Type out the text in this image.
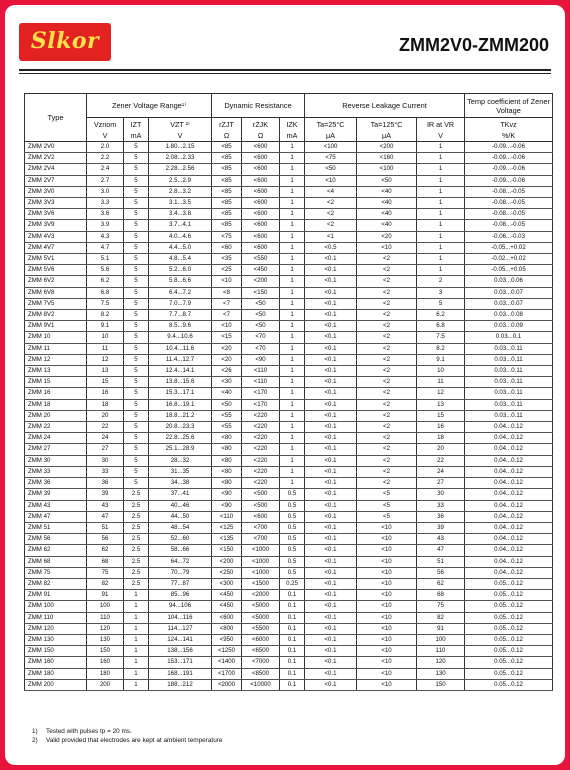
Slkor	ZMM2V0-ZMM200
Type	Zener Voltage Range¹⁾			Dynamic Resistance			Reverse Leakage Current			Temp coefficient of Zener Voltage
	Vznom	IZT	VZT ²⁾	rZJT	rZJK	IZK	Ta=25°C	Ta=125°C	IR at VR	TKvz
	V	mA	V	Ω	Ω	mA	μA	μA	V	%/K
ZMM 2V0	2.0	5	1.80...2.15	<85	<600	1	<100	<200	1	-0.09...-0.06
ZMM 2V2	2.2	5	2.08...2.33	<85	<600	1	<75	<160	1	-0.09...-0.06
ZMM 2V4	2.4	5	2.28...2.56	<85	<600	1	<50	<100	1	-0.09...-0.06
ZMM 2V7	2.7	5	2.5...2.9	<85	<600	1	<10	<50	1	-0.09...-0.06
ZMM 3V0	3.0	5	2.8...3.2	<85	<600	1	<4	<40	1	-0.08...-0.05
ZMM 3V3	3.3	5	3.1...3.5	<85	<600	1	<2	<40	1	-0.08...-0.05
ZMM 3V6	3.6	5	3.4...3.8	<85	<600	1	<2	<40	1	-0.08...-0.05
ZMM 3V9	3.9	5	3.7...4.1	<85	<600	1	<2	<40	1	-0.08...-0.05
ZMM 4V3	4.3	5	4.0...4.6	<75	<600	1	<1	<20	1	-0.06...-0.03
ZMM 4V7	4.7	5	4.4...5.0	<60	<600	1	<0.5	<10	1	-0.05...+0.02
ZMM 5V1	5.1	5	4.8...5.4	<35	<550	1	<0.1	<2	1	-0.02...+0.02
ZMM 5V6	5.6	5	5.2...6.0	<25	<450	1	<0.1	<2	1	-0.05...+0.05
ZMM 6V2	6.2	5	5.8...6.6	<10	<200	1	<0.1	<2	2	0.03...0.06
ZMM 6V8	6.8	5	6.4...7.2	<8	<150	1	<0.1	<2	3	0.03...0.07
ZMM 7V5	7.5	5	7.0...7.9	<7	<50	1	<0.1	<2	5	0.03...0.07
ZMM 8V2	8.2	5	7.7...8.7	<7	<50	1	<0.1	<2	6.2	0.03...0.08
ZMM 9V1	9.1	5	8.5...9.6	<10	<50	1	<0.1	<2	6.8	0.03...0.09
ZMM 10	10	5	9.4...10.6	<15	<70	1	<0.1	<2	7.5	0.03...0.1
ZMM 11	11	5	10.4...11.6	<20	<70	1	<0.1	<2	8.2	0.03...0.11
ZMM 12	12	5	11.4...12.7	<20	<90	1	<0.1	<2	9.1	0.03...0.11
ZMM 13	13	5	12.4...14.1	<26	<110	1	<0.1	<2	10	0.03...0.11
ZMM 15	15	5	13.8...15.6	<30	<110	1	<0.1	<2	11	0.03...0.11
ZMM 16	16	5	15.3...17.1	<40	<170	1	<0.1	<2	12	0.03...0.11
ZMM 18	18	5	16.8...19.1	<50	<170	1	<0.1	<2	13	0.03...0.11
ZMM 20	20	5	18.8...21.2	<55	<220	1	<0.1	<2	15	0.03...0.11
ZMM 22	22	5	20.8...23.3	<55	<220	1	<0.1	<2	16	0.04...0.12
ZMM 24	24	5	22.8...25.6	<80	<220	1	<0.1	<2	18	0.04...0.12
ZMM 27	27	5	25.1...28.9	<80	<220	1	<0.1	<2	20	0.04...0.12
ZMM 30	30	5	28...32	<80	<220	1	<0.1	<2	22	0.04...0.12
ZMM 33	33	5	31...35	<80	<220	1	<0.1	<2	24	0.04...0.12
ZMM 36	36	5	34...38	<80	<220	1	<0.1	<2	27	0.04...0.12
ZMM 39	39	2.5	37...41	<90	<500	0.5	<0.1	<5	30	0.04...0.12
ZMM 43	43	2.5	40...46	<90	<500	0.5	<0.1	<5	33	0.04...0.12
ZMM 47	47	2.5	44...50	<110	<600	0.5	<0.1	<5	36	0.04...0.12
ZMM 51	51	2.5	48...54	<125	<700	0.5	<0.1	<10	39	0.04...0.12
ZMM 56	56	2.5	52...60	<135	<700	0.5	<0.1	<10	43	0.04...0.12
ZMM 62	62	2.5	58...66	<150	<1000	0.5	<0.1	<10	47	0.04...0.12
ZMM 68	68	2.5	64...72	<200	<1000	0.5	<0.1	<10	51	0.04...0.12
ZMM 75	75	2.5	70...79	<250	<1000	0.5	<0.1	<10	56	0.04...0.12
ZMM 82	82	2.5	77...87	<300	<1500	0.25	<0.1	<10	62	0.05...0.12
ZMM 91	91	1	85...96	<450	<2000	0.1	<0.1	<10	68	0.05...0.12
ZMM 100	100	1	94...106	<450	<5000	0.1	<0.1	<10	75	0.05...0.12
ZMM 110	110	1	104...116	<600	<5000	0.1	<0.1	<10	82	0.05...0.12
ZMM 120	120	1	114...127	<800	<5500	0.1	<0.1	<10	91	0.05...0.12
ZMM 130	130	1	124...141	<950	<6000	0.1	<0.1	<10	100	0.05...0.12
ZMM 150	150	1	138...156	<1250	<6500	0.1	<0.1	<10	110	0.05...0.12
ZMM 160	160	1	153...171	<1400	<7000	0.1	<0.1	<10	120	0.05...0.12
ZMM 180	180	1	168...191	<1700	<8500	0.1	<0.1	<10	130	0.05...0.12
ZMM 200	200	1	188...212	<2000	<10000	0.1	<0.1	<10	150	0.05...0.12
1) Tested with pulses tp = 20 ms.
2) Valid provided that electrodes are kept at ambient temperature
